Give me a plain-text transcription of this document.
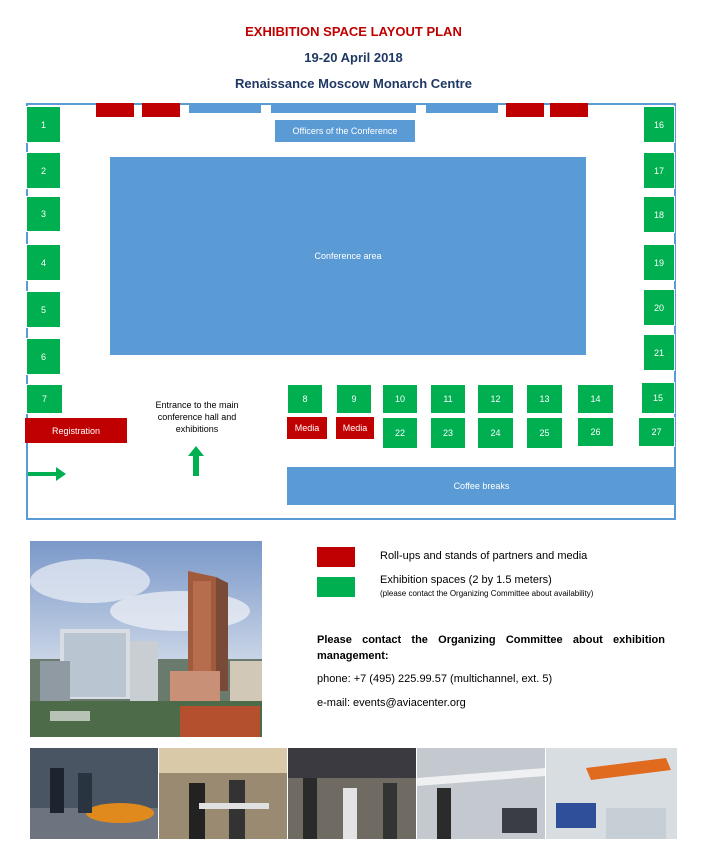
EXHIBITION SPACE LAYOUT PLAN
19-20 April 2018
Renaissance Moscow Monarch Centre
Officers of the Conference
Conference area
1
2
3
4
5
6
7
16
17
18
19
20
21
15
8	9	10	11	12	13	14
Registration
Entrance to the main conference hall and exhibitions	Media	Media	22	23	24	25	26	27
Coffee breaks
Roll-ups and stands of partners and media
Exhibition spaces (2 by 1.5 meters)
(please contact the Organizing Committee about availability)
Please contact the Organizing Committee about exhibition management:
phone: +7 (495) 225.99.57 (multichannel, ext. 5)
e-mail: events@aviacenter.org
